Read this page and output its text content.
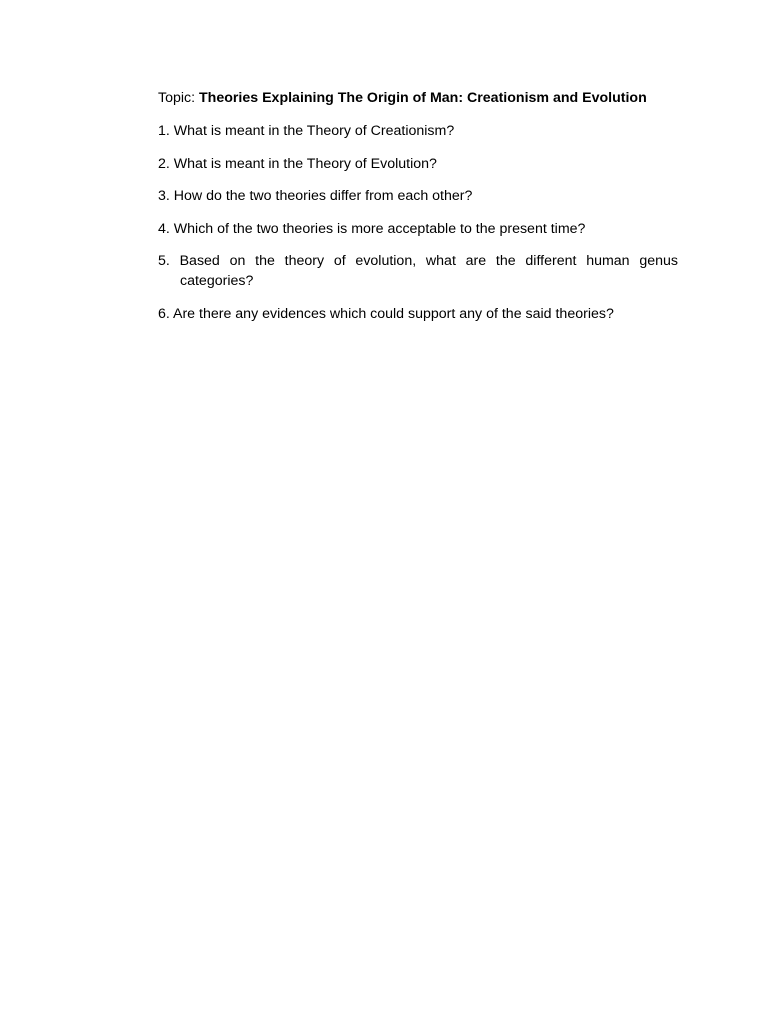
Topic: Theories Explaining The Origin of Man: Creationism and Evolution

1. What is meant in the Theory of Creationism?

2. What is meant in the Theory of Evolution?

3. How do the two theories differ from each other?

4. Which of the two theories is more acceptable to the present time?

5. Based on the theory of evolution, what are the different human genus categories?

6. Are there any evidences which could support any of the said theories?
